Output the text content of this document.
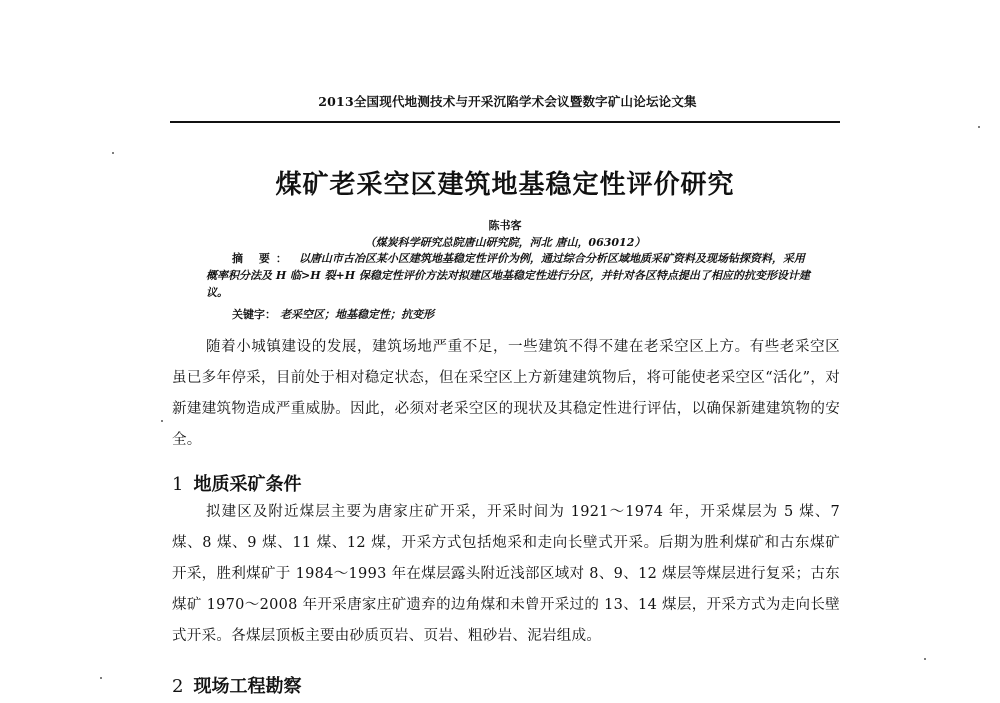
2013全国现代地测技术与开采沉陷学术会议暨数字矿山论坛论文集
煤矿老采空区建筑地基稳定性评价研究
陈书客
（煤炭科学研究总院唐山研究院，河北 唐山，063012）
摘 要： 以唐山市古冶区某小区建筑地基稳定性评价为例，通过综合分析区域地质采矿资料及现场钻探资料，采用概率积分法及 H 临>H 裂+H 保稳定性评价方法对拟建区地基稳定性进行分区，并针对各区特点提出了相应的抗变形设计建议。
关键字： 老采空区；地基稳定性；抗变形
随着小城镇建设的发展，建筑场地严重不足，一些建筑不得不建在老采空区上方。有些老采空区虽已多年停采，目前处于相对稳定状态，但在采空区上方新建建筑物后，将可能使老采空区“活化”，对新建建筑物造成严重威胁。因此，必须对老采空区的现状及其稳定性进行评估，以确保新建建筑物的安全。
1 地质采矿条件
拟建区及附近煤层主要为唐家庄矿开采，开采时间为 1921～1974 年，开采煤层为 5 煤、7 煤、8 煤、9 煤、11 煤、12 煤，开采方式包括炮采和走向长壁式开采。后期为胜利煤矿和古东煤矿开采，胜利煤矿于 1984～1993 年在煤层露头附近浅部区域对 8、9、12 煤层等煤层进行复采；古东煤矿 1970～2008 年开采唐家庄矿遗弃的边角煤和未曾开采过的 13、14 煤层，开采方式为走向长壁式开采。各煤层顶板主要由砂质页岩、页岩、粗砂岩、泥岩组成。
2 现场工程勘察
